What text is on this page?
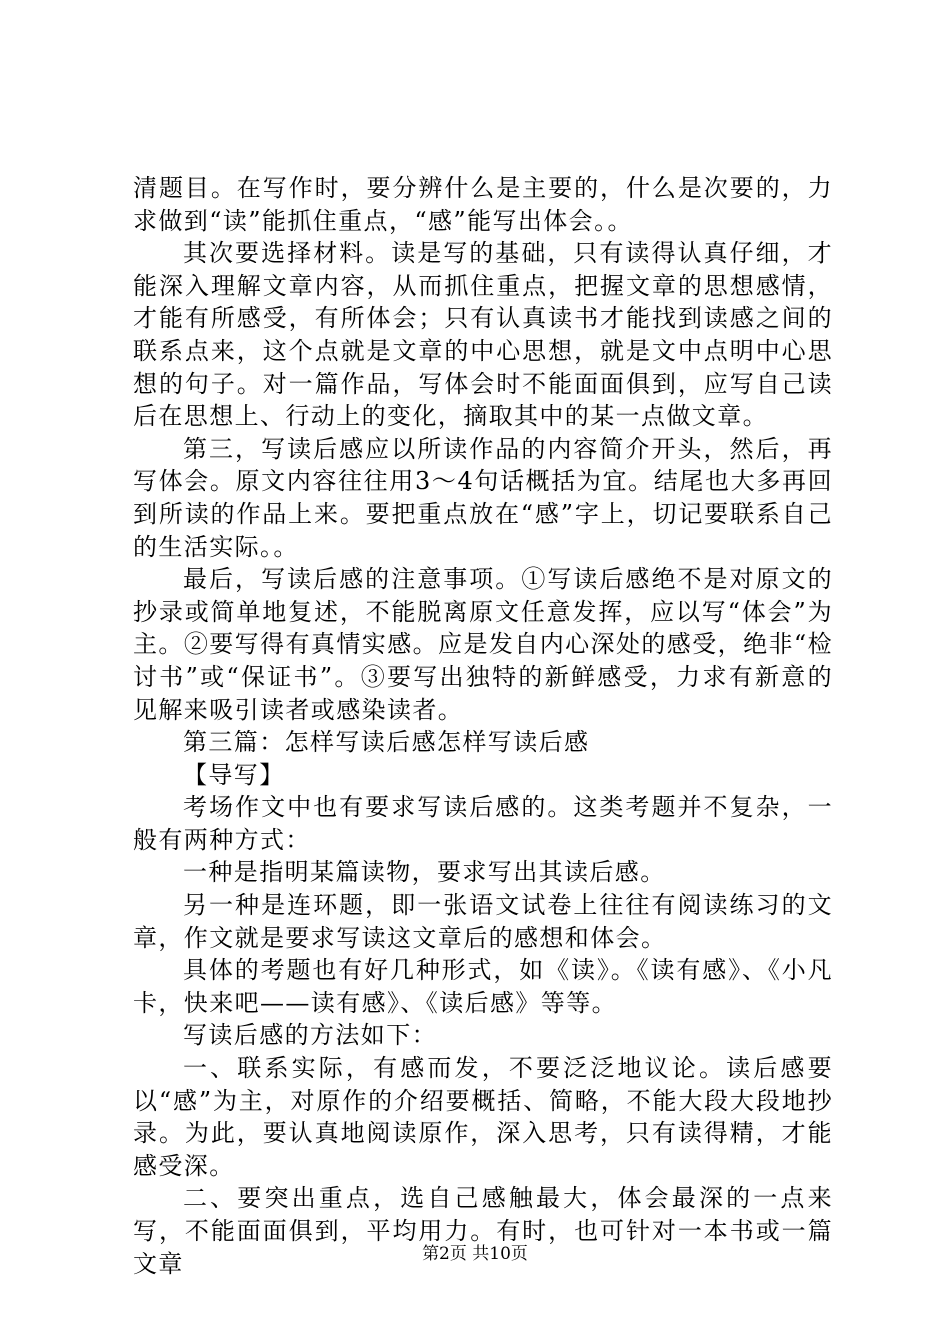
清题目。在写作时，要分辨什么是主要的，什么是次要的，力求做到“读”能抓住重点，“感”能写出体会。。

其次要选择材料。读是写的基础，只有读得认真仔细，才能深入理解文章内容，从而抓住重点，把握文章的思想感情，才能有所感受，有所体会；只有认真读书才能找到读感之间的联系点来，这个点就是文章的中心思想，就是文中点明中心思想的句子。对一篇作品，写体会时不能面面俱到，应写自己读后在思想上、行动上的变化，摘取其中的某一点做文章。

第三，写读后感应以所读作品的内容简介开头，然后，再写体会。原文内容往往用3～4句话概括为宜。结尾也大多再回到所读的作品上来。要把重点放在“感”字上，切记要联系自己的生活实际。。

最后，写读后感的注意事项。①写读后感绝不是对原文的抄录或简单地复述，不能脱离原文任意发挥，应以写“体会”为主。②要写得有真情实感。应是发自内心深处的感受，绝非“检讨书”或“保证书”。③要写出独特的新鲜感受，力求有新意的见解来吸引读者或感染读者。

第三篇：怎样写读后感怎样写读后感

【导写】

考场作文中也有要求写读后感的。这类考题并不复杂，一般有两种方式：

一种是指明某篇读物，要求写出其读后感。

另一种是连环题，即一张语文试卷上往往有阅读练习的文章，作文就是要求写读这文章后的感想和体会。

具体的考题也有好几种形式，如《读》。《读有感》、《小凡卡，快来吧——读有感》、《读后感》等等。

写读后感的方法如下：

一、联系实际，有感而发，不要泛泛地议论。读后感要以“感”为主，对原作的介绍要概括、简略，不能大段大段地抄录。为此，要认真地阅读原作，深入思考，只有读得精，才能感受深。

二、要突出重点，选自己感触最大，体会最深的一点来写，不能面面俱到，平均用力。有时，也可针对一本书或一篇文章	第2页 共10页
